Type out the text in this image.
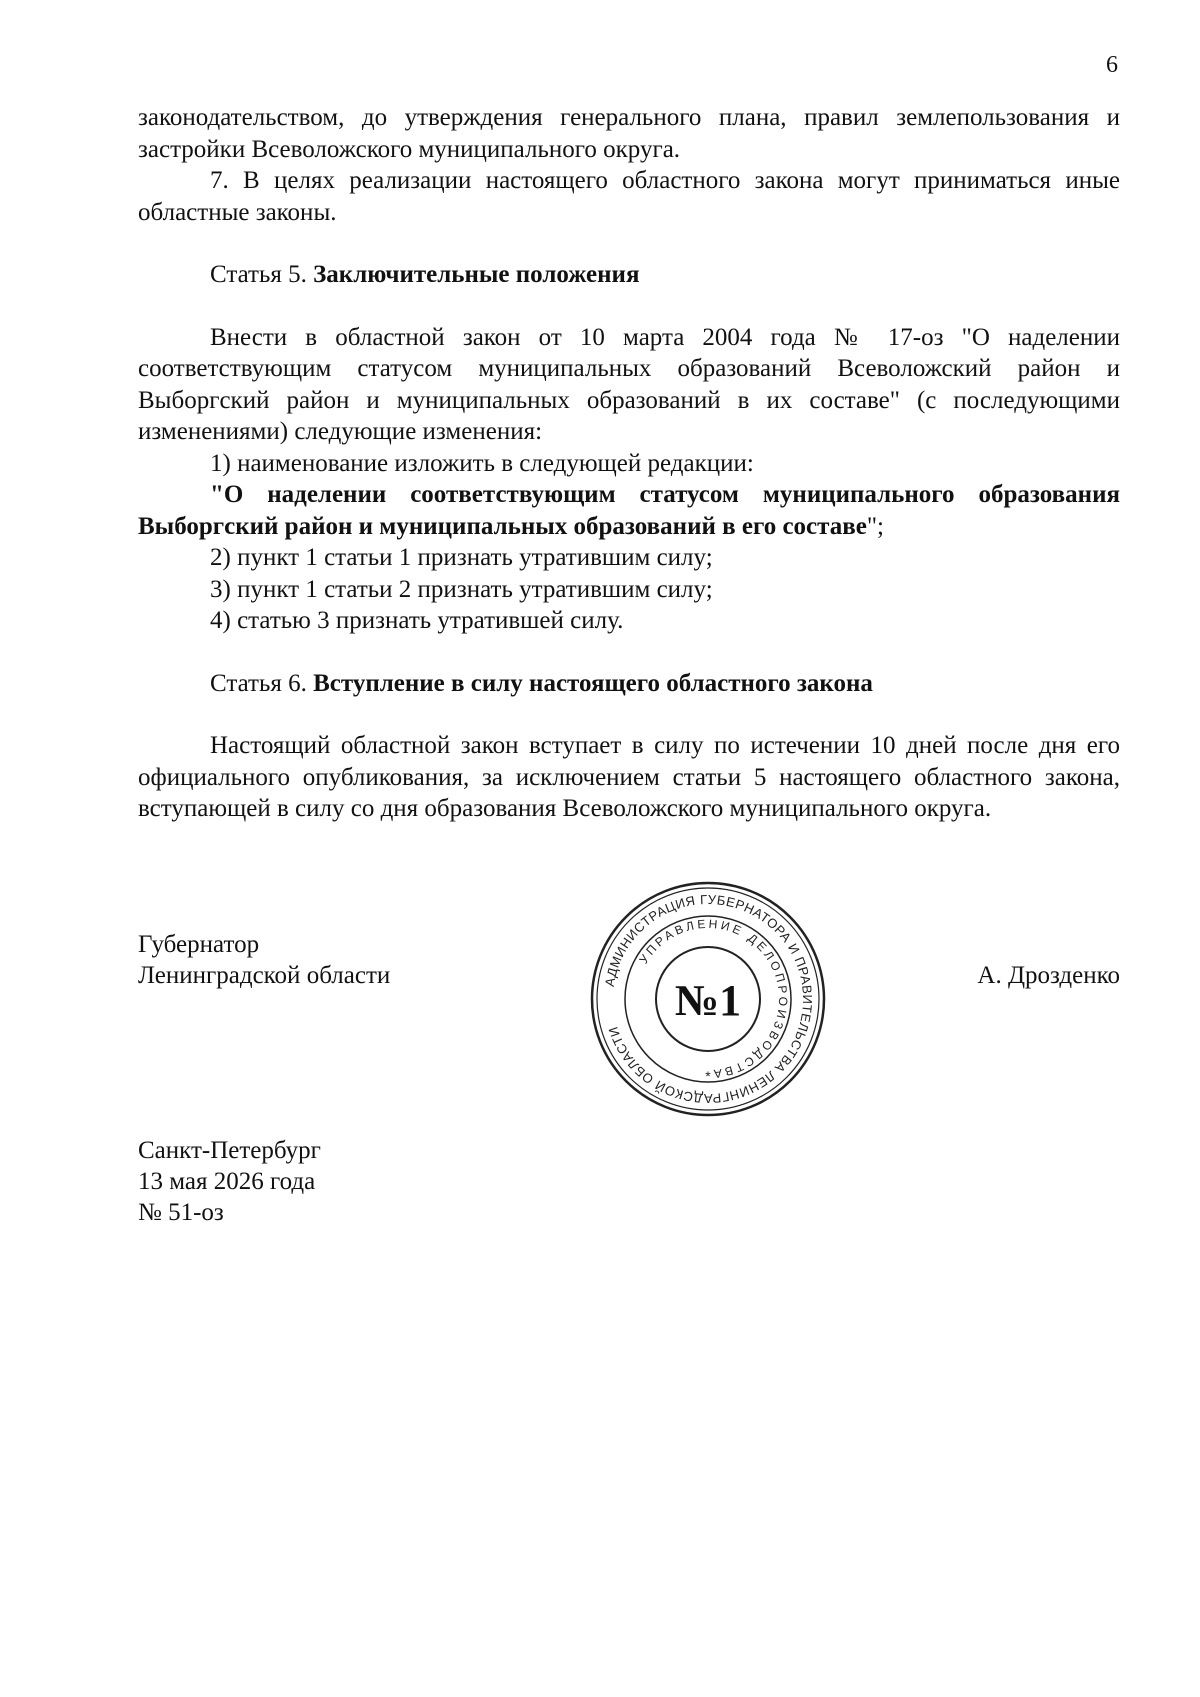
6

законодательством, до утверждения генерального плана, правил землепользования и застройки Всеволожского муниципального округа.

7. В целях реализации настоящего областного закона могут приниматься иные областные законы.

Статья 5. Заключительные положения

Внести в областной закон от 10 марта 2004 года № 17-оз "О наделении соответствующим статусом муниципальных образований Всеволожский район и Выборгский район и муниципальных образований в их составе" (с последующими изменениями) следующие изменения:

1) наименование изложить в следующей редакции:

"О наделении соответствующим статусом муниципального образования Выборгский район и муниципальных образований в его составе";

2) пункт 1 статьи 1 признать утратившим силу;

3) пункт 1 статьи 2 признать утратившим силу;

4) статью 3 признать утратившей силу.

Статья 6. Вступление в силу настоящего областного закона

Настоящий областной закон вступает в силу по истечении 10 дней после дня его официального опубликования, за исключением статьи 5 настоящего областного закона, вступающей в силу со дня образования Всеволожского муниципального округа.

Губернатор
Ленинградской области	АДМИНИСТРАЦИЯ ГУБЕРНАТОРА И ПРАВИТЕЛЬСТВА ЛЕНИНГРАДСКОЙ ОБЛАСТИ
УПРАВЛЕНИЕ ДЕЛОПРОИЗВОДСТВА
№1
*
А. Дрозденко
Санкт-Петербург
13 мая 2026 года
№ 51-оз
